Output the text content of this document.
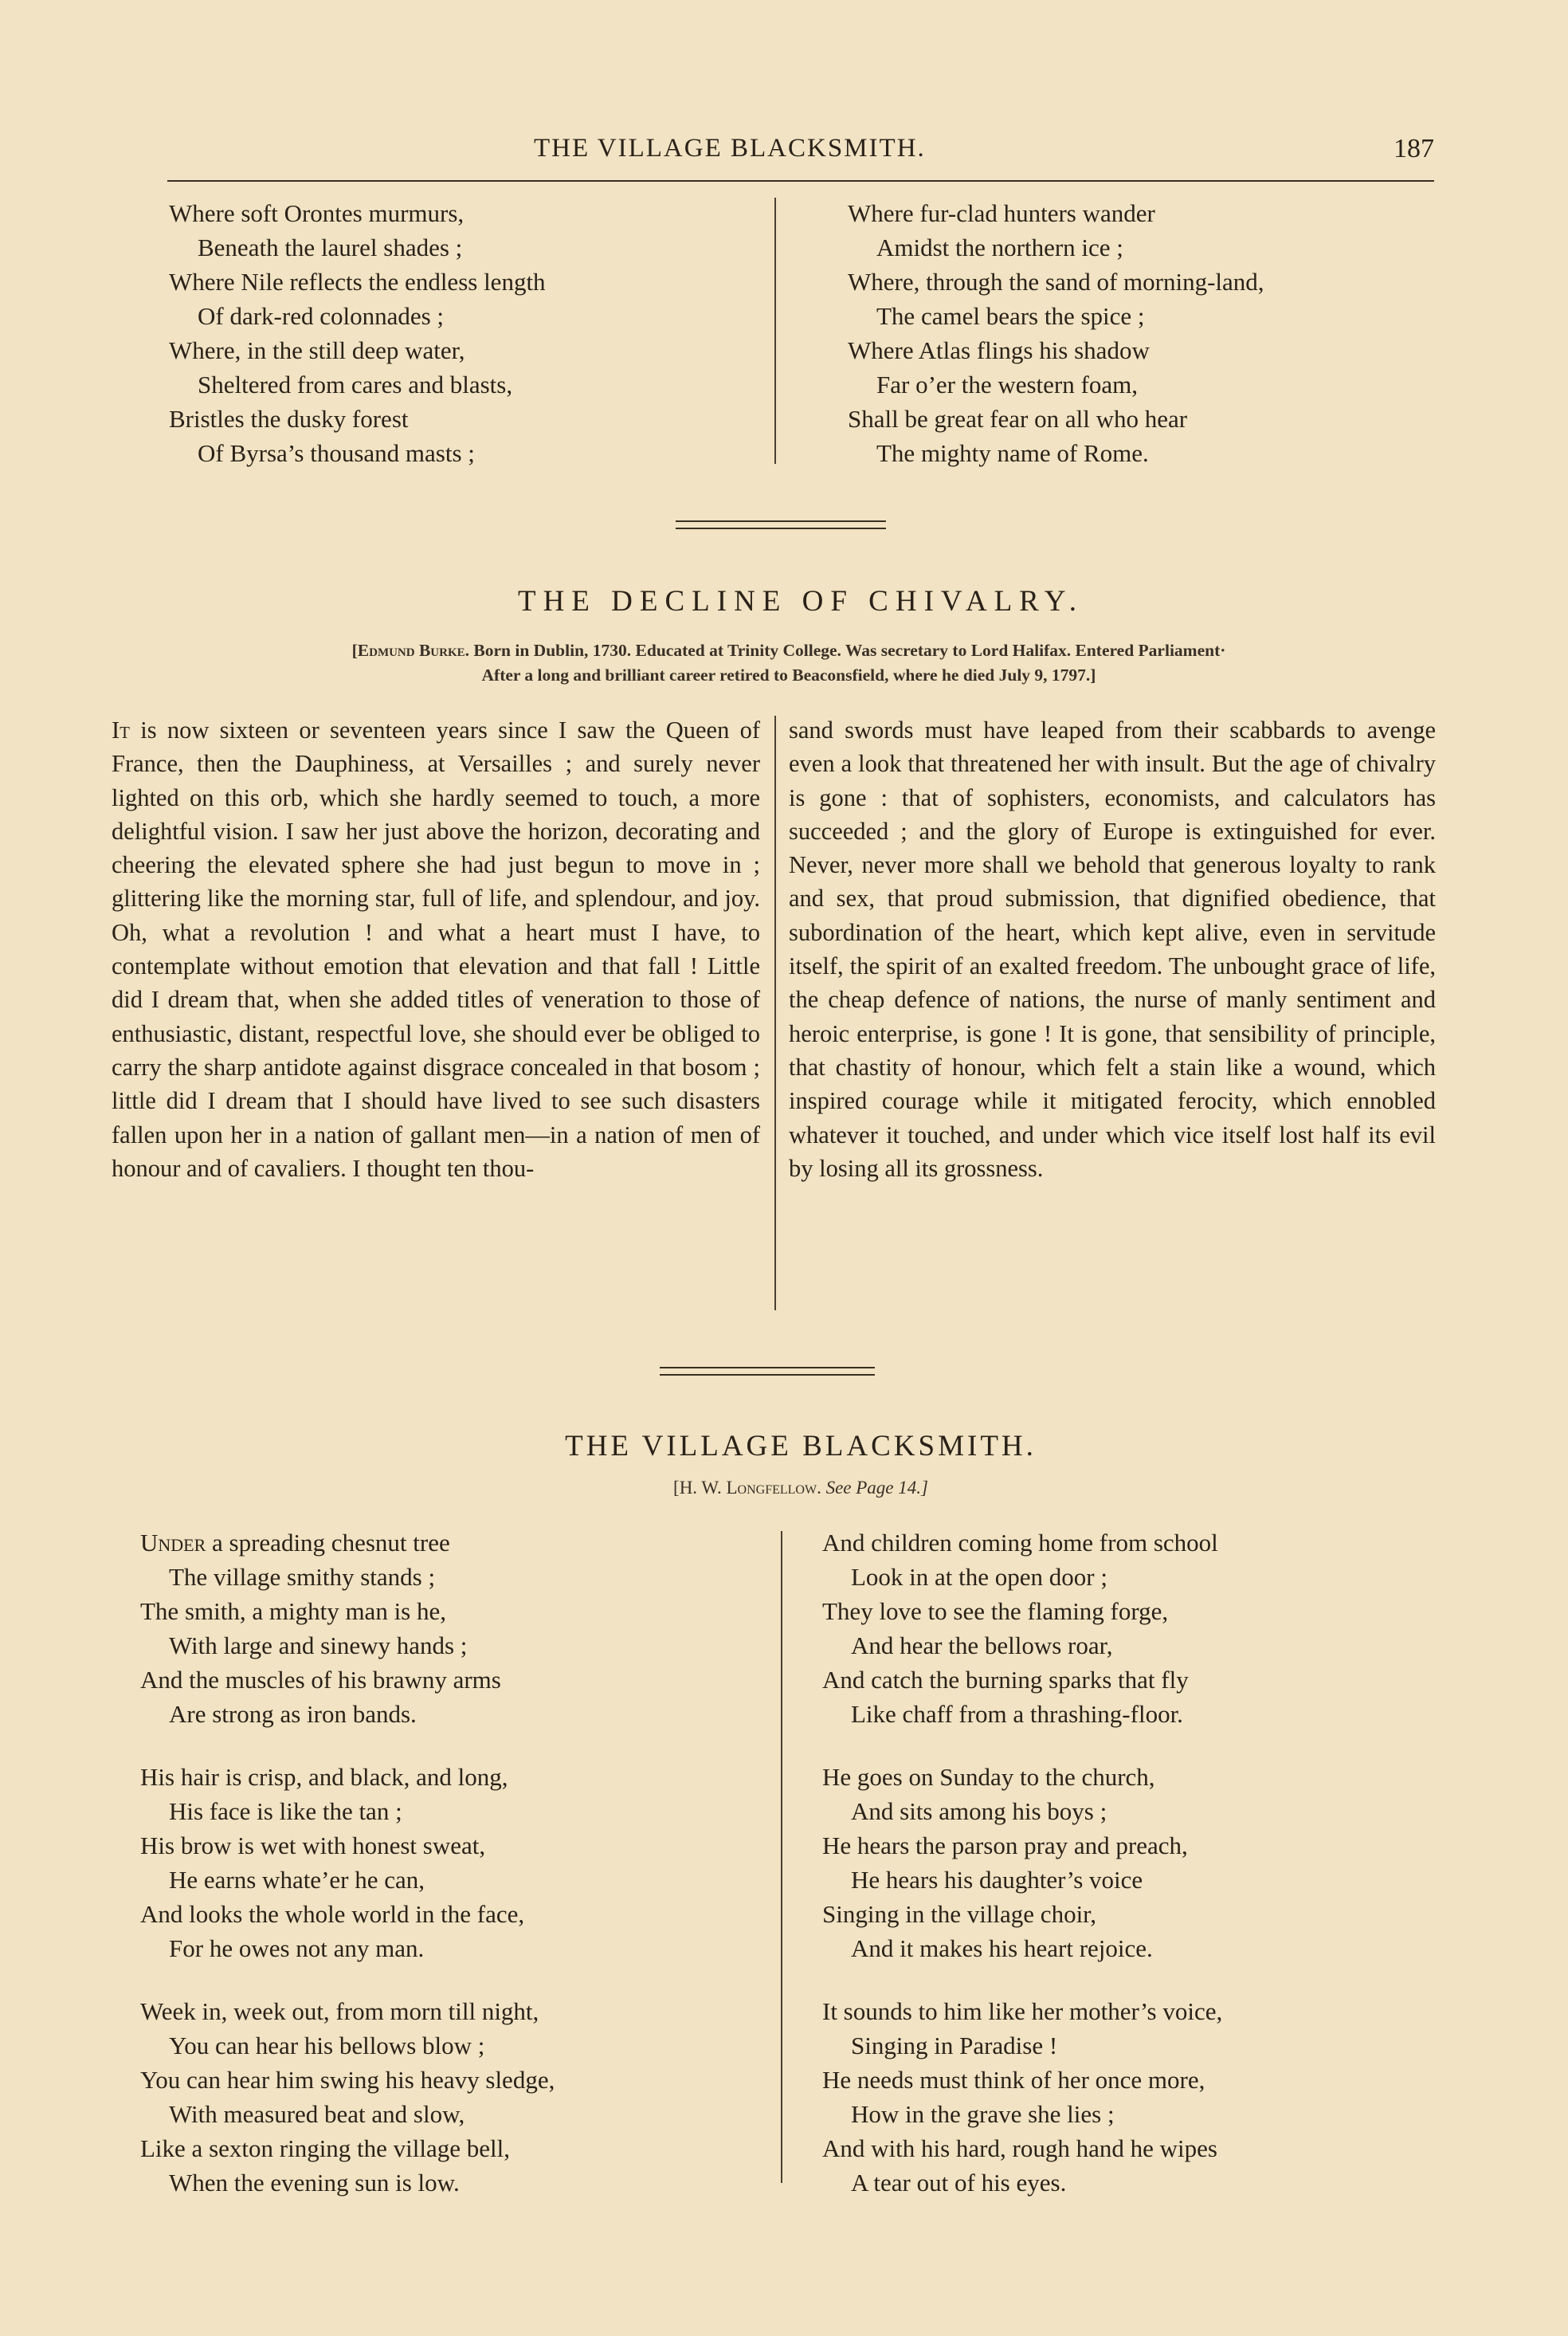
THE VILLAGE BLACKSMITH.	187
Where soft Orontes murmurs,
Beneath the laurel shades ;
Where Nile reflects the endless length
Of dark-red colonnades ;
Where, in the still deep water,
Sheltered from cares and blasts,
Bristles the dusky forest
Of Byrsa’s thousand masts ;
Where fur-clad hunters wander
Amidst the northern ice ;
Where, through the sand of morning-land,
The camel bears the spice ;
Where Atlas flings his shadow
Far o’er the western foam,
Shall be great fear on all who hear
The mighty name of Rome.
THE DECLINE OF CHIVALRY.
[Edmund Burke. Born in Dublin, 1730. Educated at Trinity College. Was secretary to Lord Halifax. Entered Parliament·
After a long and brilliant career retired to Beaconsfield, where he died July 9, 1797.]

It is now sixteen or seventeen years since I saw the Queen of France, then the Dauphiness, at Versailles ; and surely never lighted on this orb, which she hardly seemed to touch, a more delightful vision. I saw her just above the horizon, decorating and cheering the elevated sphere she had just begun to move in ; glittering like the morning star, full of life, and splendour, and joy. Oh, what a revolution ! and what a heart must I have, to contemplate without emotion that elevation and that fall ! Little did I dream that, when she added titles of veneration to those of enthusiastic, distant, respectful love, she should ever be obliged to carry the sharp antidote against disgrace concealed in that bosom ; little did I dream that I should have lived to see such disasters fallen upon her in a nation of gallant men—in a nation of men of honour and of cavaliers. I thought ten thou-

sand swords must have leaped from their scabbards to avenge even a look that threatened her with insult. But the age of chivalry is gone : that of sophisters, economists, and calculators has succeeded ; and the glory of Europe is extinguished for ever. Never, never more shall we behold that generous loyalty to rank and sex, that proud submission, that dignified obedience, that subordination of the heart, which kept alive, even in servitude itself, the spirit of an exalted freedom. The unbought grace of life, the cheap defence of nations, the nurse of manly sentiment and heroic enterprise, is gone ! It is gone, that sensibility of principle, that chastity of honour, which felt a stain like a wound, which inspired courage while it mitigated ferocity, which ennobled whatever it touched, and under which vice itself lost half its evil by losing all its grossness.

THE VILLAGE BLACKSMITH.
[H. W. Longfellow. See Page 14.]
Under a spreading chesnut tree
The village smithy stands ;
The smith, a mighty man is he,
With large and sinewy hands ;
And the muscles of his brawny arms
Are strong as iron bands.
His hair is crisp, and black, and long,
His face is like the tan ;
His brow is wet with honest sweat,
He earns whate’er he can,
And looks the whole world in the face,
For he owes not any man.
Week in, week out, from morn till night,
You can hear his bellows blow ;
You can hear him swing his heavy sledge,
With measured beat and slow,
Like a sexton ringing the village bell,
When the evening sun is low.
And children coming home from school
Look in at the open door ;
They love to see the flaming forge,
And hear the bellows roar,
And catch the burning sparks that fly
Like chaff from a thrashing-floor.
He goes on Sunday to the church,
And sits among his boys ;
He hears the parson pray and preach,
He hears his daughter’s voice
Singing in the village choir,
And it makes his heart rejoice.
It sounds to him like her mother’s voice,
Singing in Paradise !
He needs must think of her once more,
How in the grave she lies ;
And with his hard, rough hand he wipes
A tear out of his eyes.
